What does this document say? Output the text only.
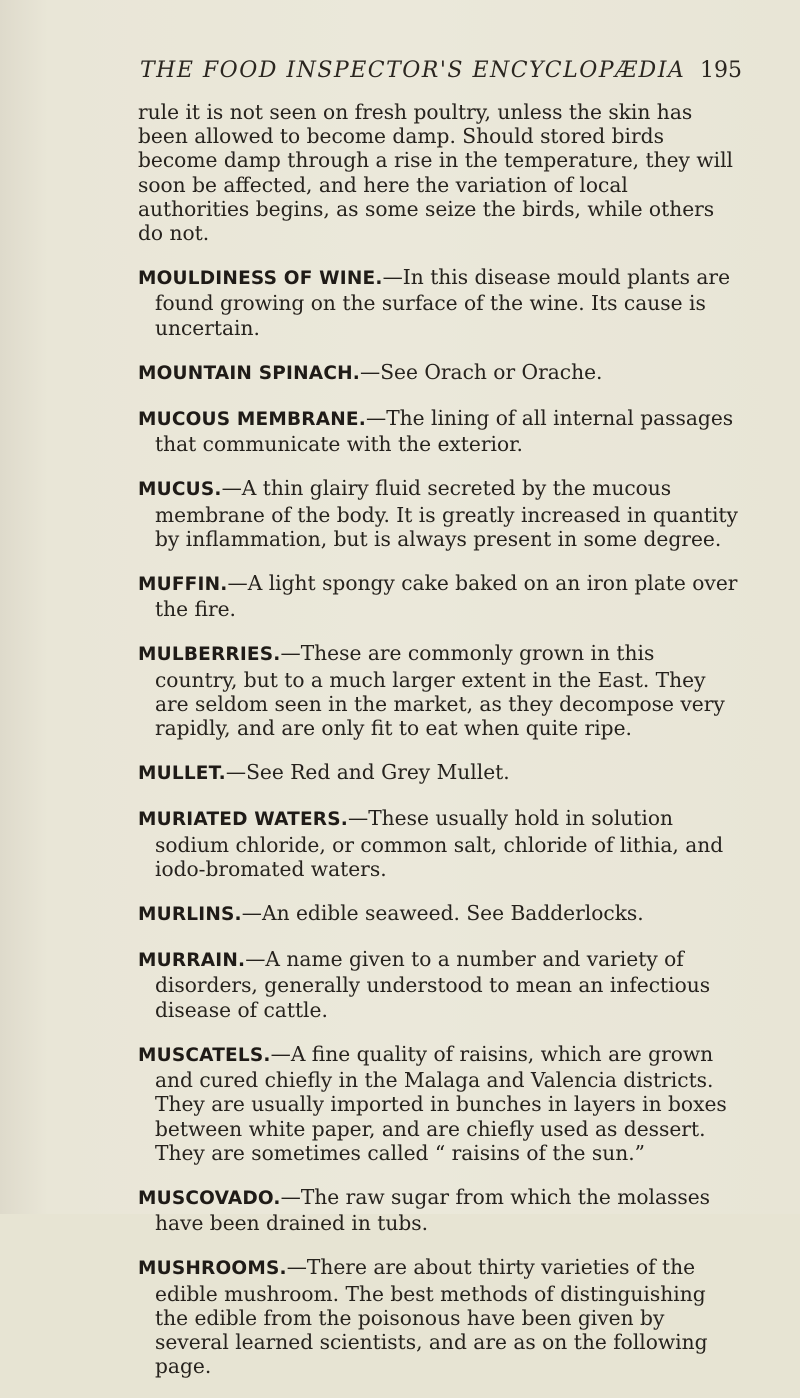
THE FOOD INSPECTOR'S ENCYCLOPÆDIA 195

rule it is not seen on fresh poultry, unless the skin has been allowed to become damp. Should stored birds become damp through a rise in the temperature, they will soon be affected, and here the variation of local authorities begins, as some seize the birds, while others do not.

MOULDINESS OF WINE.—In this disease mould plants are found growing on the surface of the wine. Its cause is uncertain.

MOUNTAIN SPINACH.—See Orach or Orache.

MUCOUS MEMBRANE.—The lining of all internal passages that communicate with the exterior.

MUCUS.—A thin glairy fluid secreted by the mucous membrane of the body. It is greatly increased in quantity by inflammation, but is always present in some degree.

MUFFIN.—A light spongy cake baked on an iron plate over the fire.

MULBERRIES.—These are commonly grown in this country, but to a much larger extent in the East. They are seldom seen in the market, as they decompose very rapidly, and are only fit to eat when quite ripe.

MULLET.—See Red and Grey Mullet.

MURIATED WATERS.—These usually hold in solution sodium chloride, or common salt, chloride of lithia, and iodo-bromated waters.

MURLINS.—An edible seaweed. See Badderlocks.

MURRAIN.—A name given to a number and variety of disorders, generally understood to mean an infectious disease of cattle.

MUSCATELS.—A fine quality of raisins, which are grown and cured chiefly in the Malaga and Valencia districts. They are usually imported in bunches in layers in boxes between white paper, and are chiefly used as dessert. They are sometimes called “ raisins of the sun.”

MUSCOVADO.—The raw sugar from which the molasses have been drained in tubs.

MUSHROOMS.—There are about thirty varieties of the edible mushroom. The best methods of distinguishing the edible from the poisonous have been given by several learned scientists, and are as on the following page.
